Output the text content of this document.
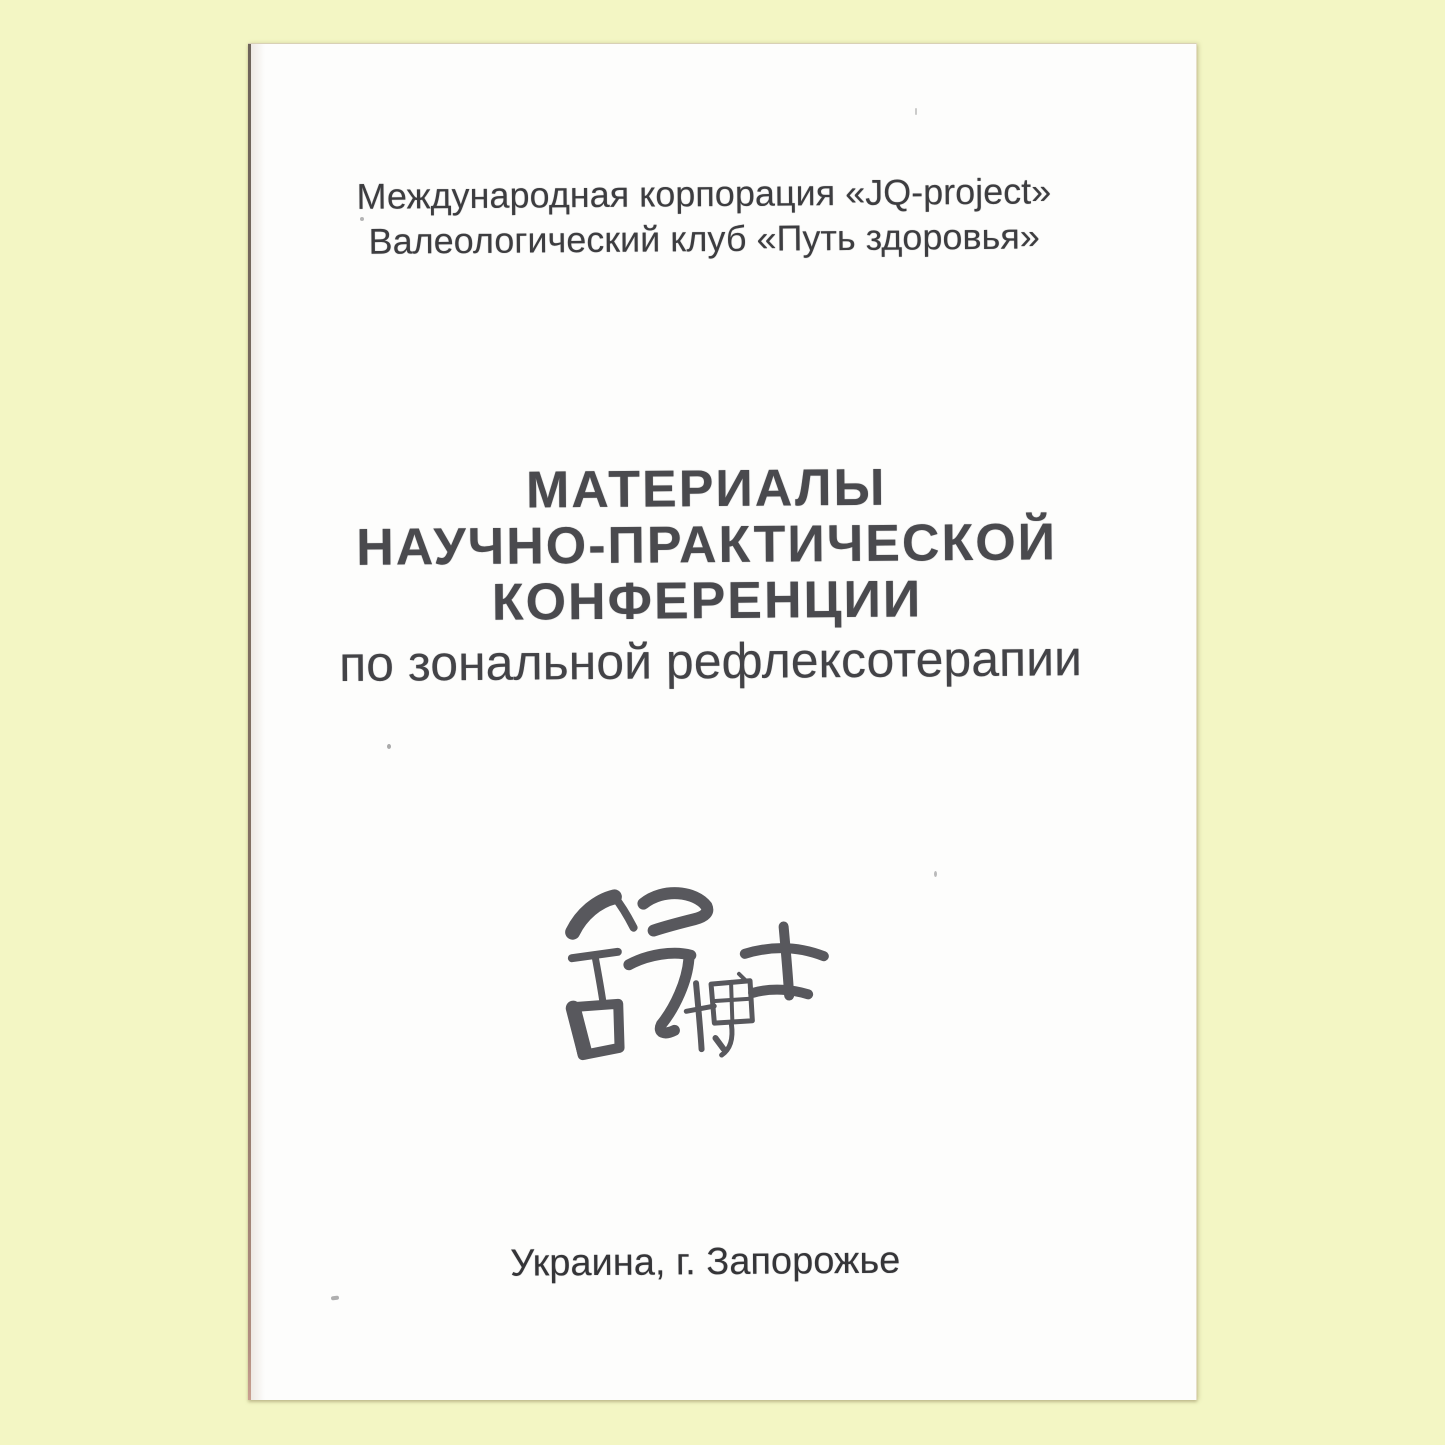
Международная корпорация «JQ-project»
Валеологический клуб «Путь здоровья»
МАТЕРИАЛЫ
НАУЧНО-ПРАКТИЧЕСКОЙ
КОНФЕРЕНЦИИ
по зональной рефлексотерапии
Украина, г. Запорожье
